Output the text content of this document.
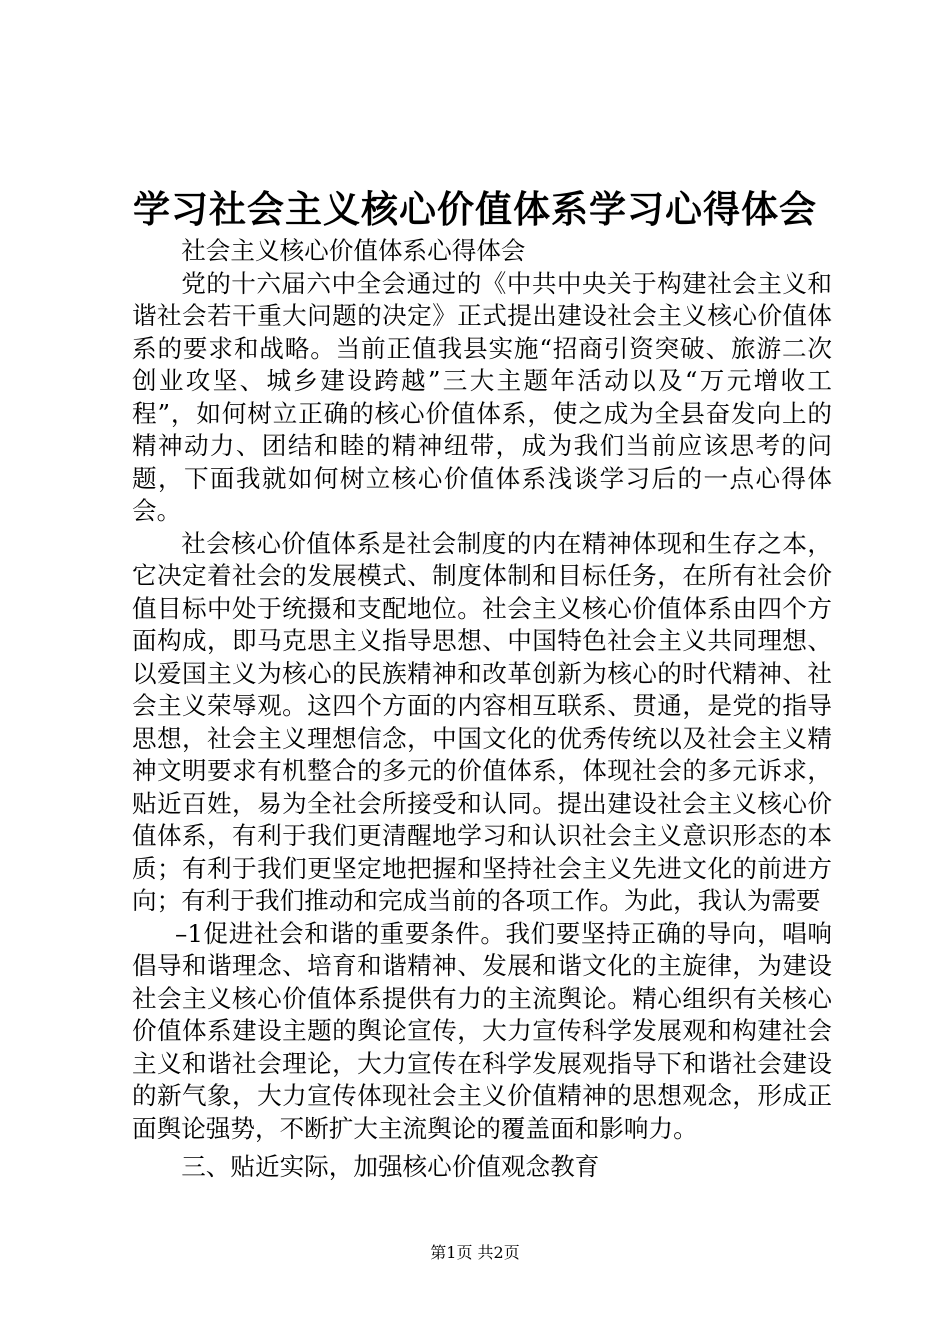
学习社会主义核心价值体系学习心得体会

社会主义核心价值体系心得体会

党的十六届六中全会通过的《中共中央关于构建社会主义和谐社会若干重大问题的决定》正式提出建设社会主义核心价值体系的要求和战略。当前正值我县实施“招商引资突破、旅游二次创业攻坚、城乡建设跨越”三大主题年活动以及“万元增收工程”，如何树立正确的核心价值体系，使之成为全县奋发向上的精神动力、团结和睦的精神纽带，成为我们当前应该思考的问题，下面我就如何树立核心价值体系浅谈学习后的一点心得体会。

社会核心价值体系是社会制度的内在精神体现和生存之本，它决定着社会的发展模式、制度体制和目标任务，在所有社会价值目标中处于统摄和支配地位。社会主义核心价值体系由四个方面构成，即马克思主义指导思想、中国特色社会主义共同理想、以爱国主义为核心的民族精神和改革创新为核心的时代精神、社会主义荣辱观。这四个方面的内容相互联系、贯通，是党的指导思想，社会主义理想信念，中国文化的优秀传统以及社会主义精神文明要求有机整合的多元的价值体系，体现社会的多元诉求，贴近百姓，易为全社会所接受和认同。提出建设社会主义核心价值体系，有利于我们更清醒地学习和认识社会主义意识形态的本质；有利于我们更坚定地把握和坚持社会主义先进文化的前进方向；有利于我们推动和完成当前的各项工作。为此，我认为需要

–1促进社会和谐的重要条件。我们要坚持正确的导向，唱响倡导和谐理念、培育和谐精神、发展和谐文化的主旋律，为建设社会主义核心价值体系提供有力的主流舆论。精心组织有关核心价值体系建设主题的舆论宣传，大力宣传科学发展观和构建社会主义和谐社会理论，大力宣传在科学发展观指导下和谐社会建设的新气象，大力宣传体现社会主义价值精神的思想观念，形成正面舆论强势，不断扩大主流舆论的覆盖面和影响力。

三、贴近实际，加强核心价值观念教育

第1页 共2页
